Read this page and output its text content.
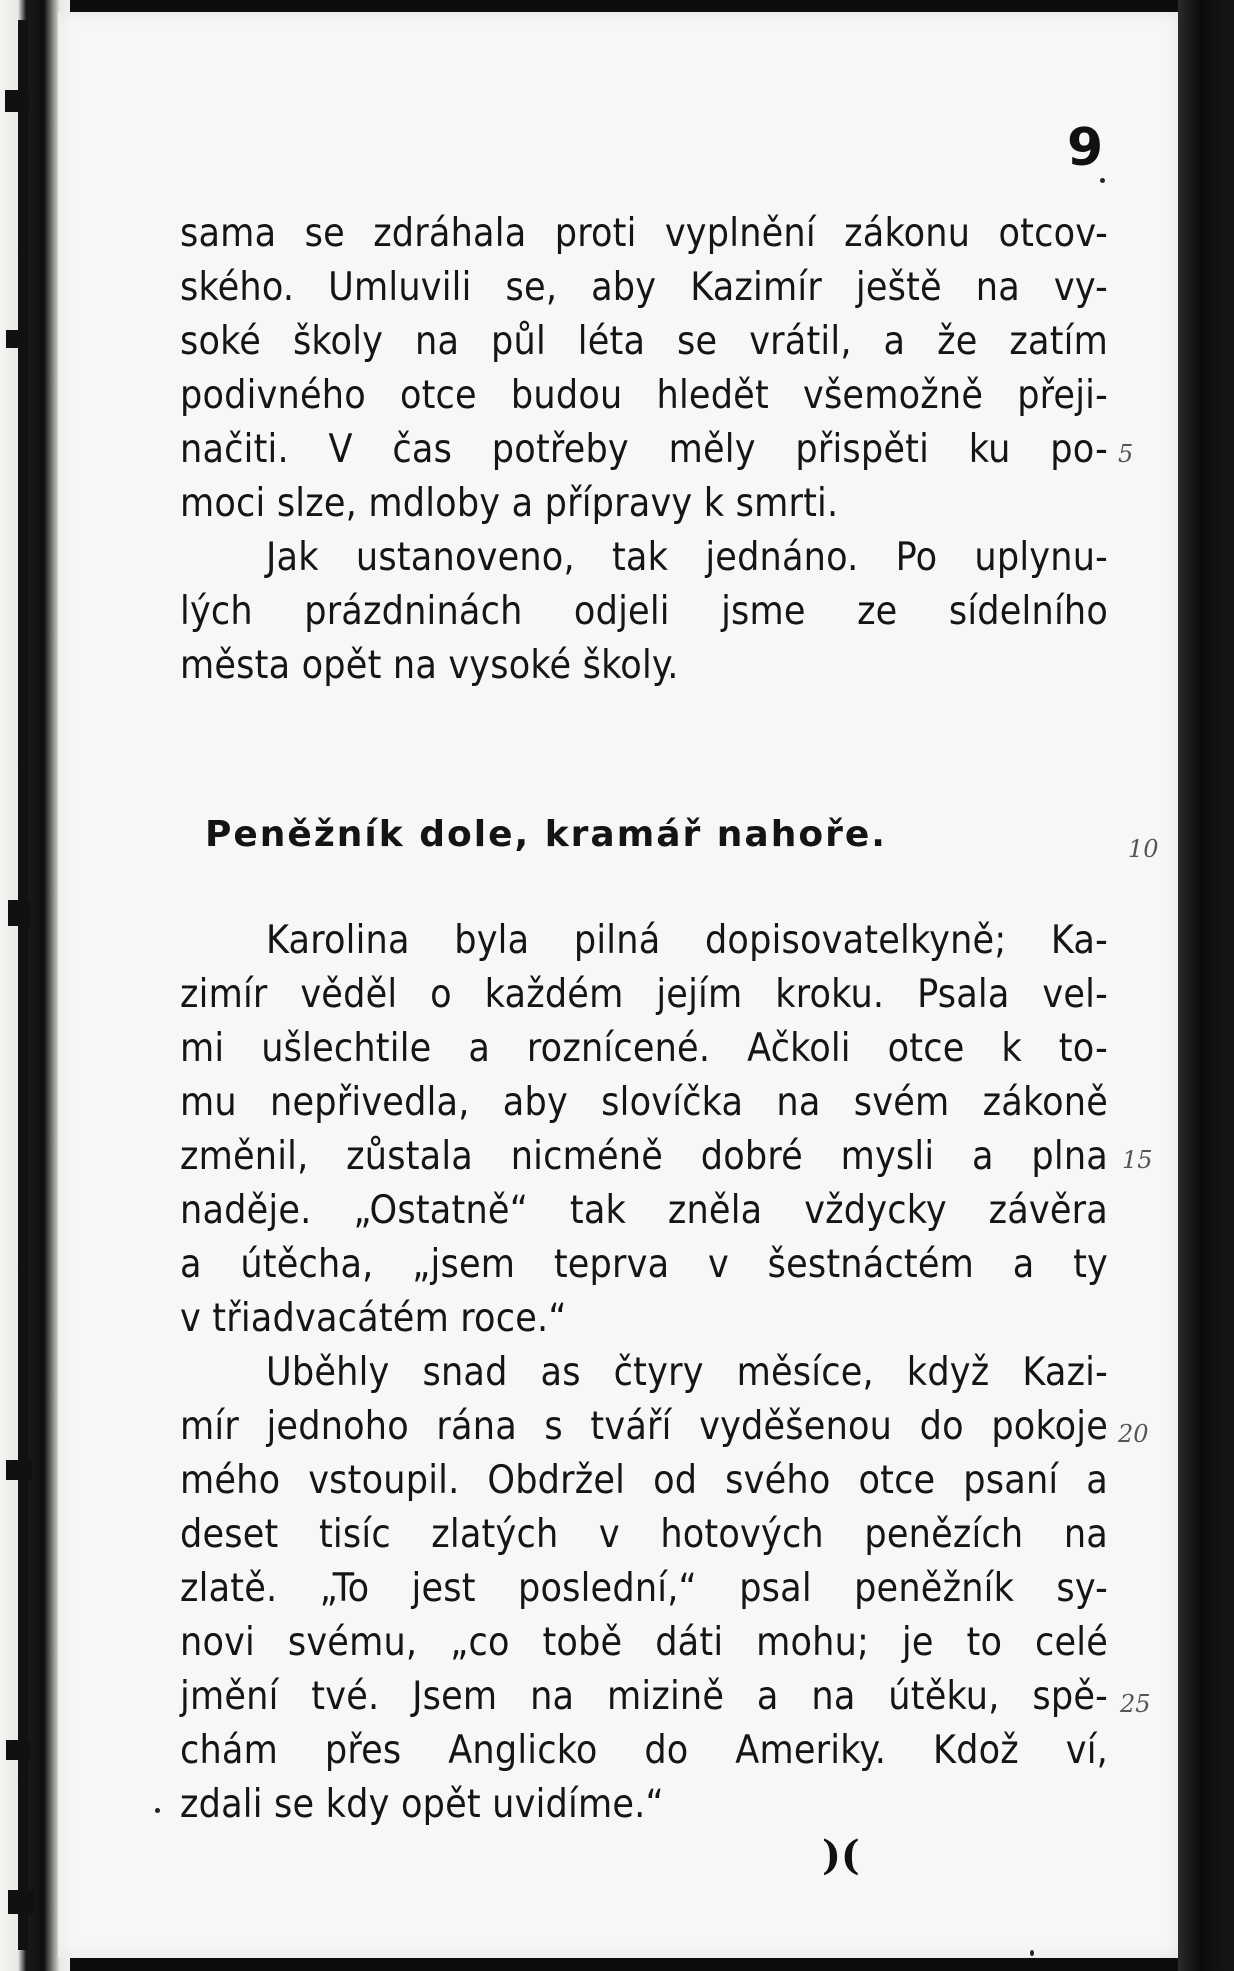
9
sama se zdráhala proti vyplnění zákonu otcov-
ského. Umluvili se, aby Kazimír ještě na vy-
soké školy na půl léta se vrátil, a že zatím
podivného otce budou hledět všemožně přeji-
načiti. V čas potřeby měly přispěti ku po-
moci slze, mdloby a přípravy k smrti.
Jak ustanoveno, tak jednáno. Po uplynu-
lých prázdninách odjeli jsme ze sídelního
města opět na vysoké školy.
Peněžník dole, kramář nahoře.
Karolina byla pilná dopisovatelkyně; Ka-
zimír věděl o každém jejím kroku. Psala vel-
mi ušlechtile a roznícené. Ačkoli otce k to-
mu nepřivedla, aby slovíčka na svém zákoně
změnil, zůstala nicméně dobré mysli a plna
naděje. „Ostatně“ tak zněla vždycky závěra
a útěcha, „jsem teprva v šestnáctém a ty
v třiadvacátém roce.“
Uběhly snad as čtyry měsíce, když Kazi-
mír jednoho rána s tváří vyděšenou do pokoje
mého vstoupil. Obdržel od svého otce psaní a
deset tisíc zlatých v hotových penězích na
zlatě. „To jest poslední,“ psal peněžník sy-
novi svému, „co tobě dáti mohu; je to celé
jmění tvé. Jsem na mizině a na útěku, spě-
chám přes Anglicko do Ameriky. Kdož ví,
zdali se kdy opět uvidíme.“
5
10
15
20
25
)(
